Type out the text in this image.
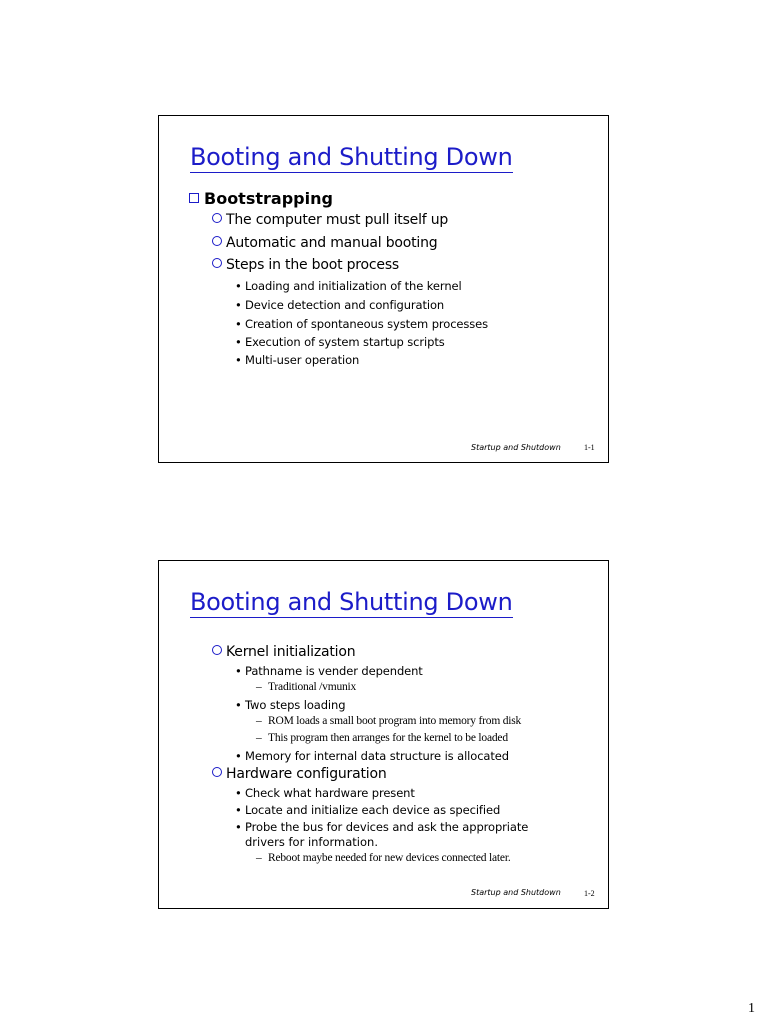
Booting and Shutting Down
Bootstrapping
The computer must pull itself up
Automatic and manual booting
Steps in the boot process
• Loading and initialization of the kernel
• Device detection and configuration
• Creation of spontaneous system processes
• Execution of system startup scripts
• Multi-user operation
Startup and Shutdown	1-1
Booting and Shutting Down
Kernel initialization
• Pathname is vender dependent
– Traditional /vmunix
• Two steps loading
– ROM loads a small boot program into memory from disk
– This program then arranges for the kernel to be loaded
• Memory for internal data structure is allocated
Hardware configuration
• Check what hardware present
• Locate and initialize each device as specified
• Probe the bus for devices and ask the appropriate
drivers for information.
– Reboot maybe needed for new devices connected later.
Startup and Shutdown	1-2
1
